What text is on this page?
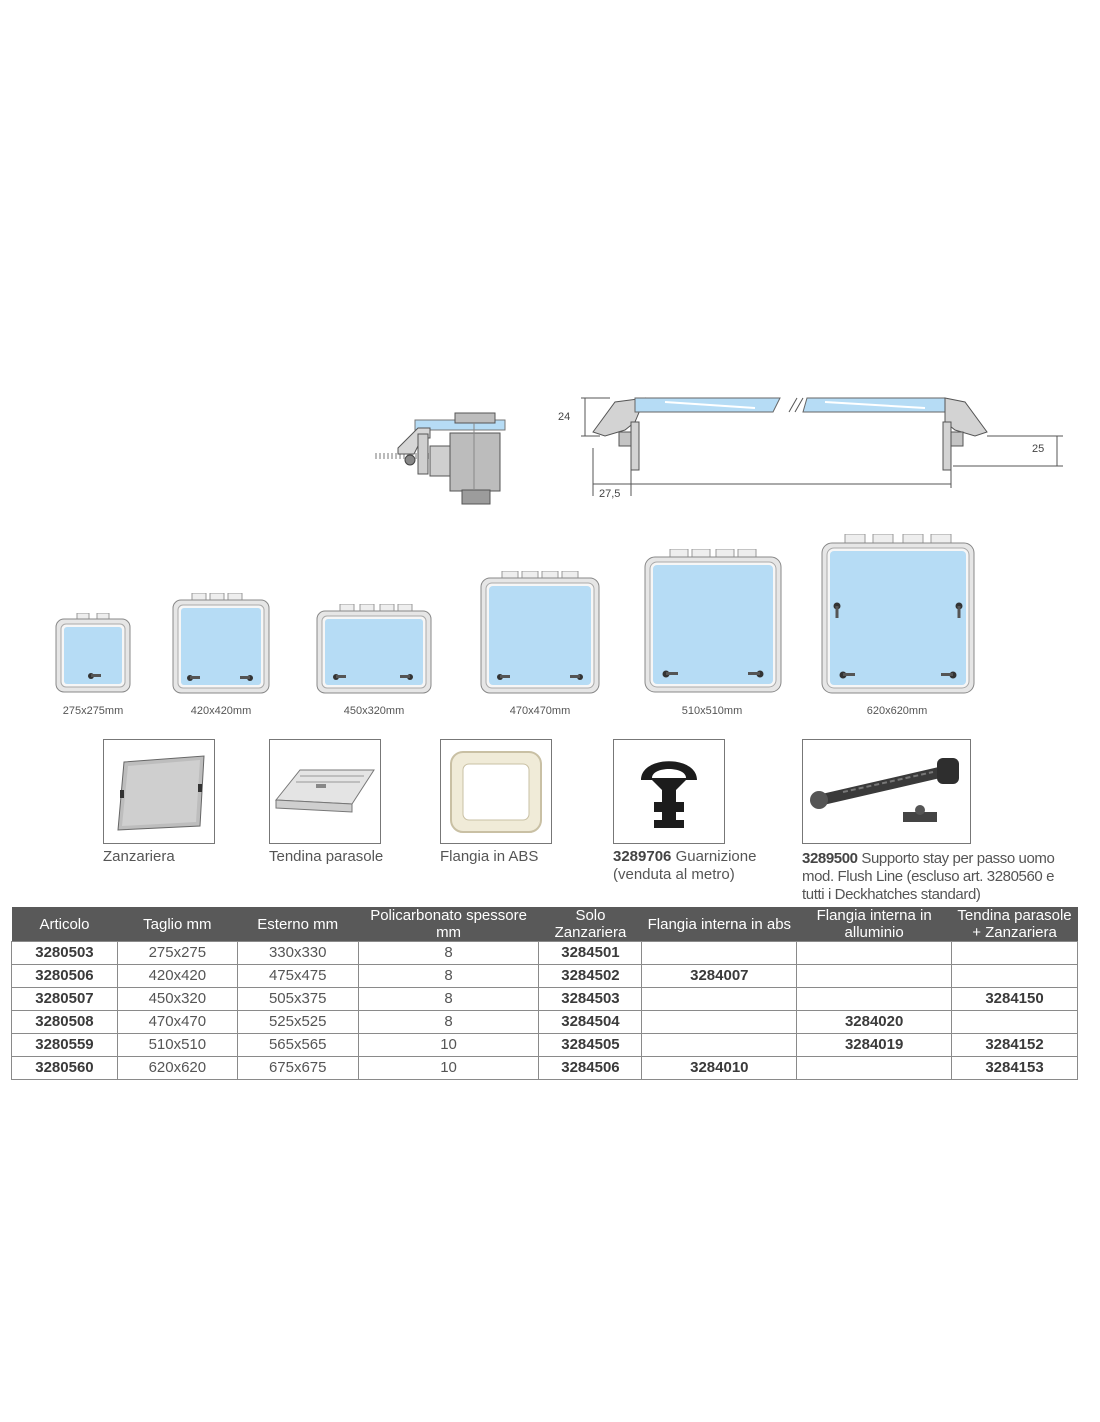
24
25
27,5
275x275mm	420x420mm	450x320mm	470x470mm	510x510mm	620x620mm
Zanzariera	Tendina parasole	Flangia in ABS	3289706 Guarnizione
(venduta al metro)
3289500 Supporto stay per passo uomo
mod. Flush Line (escluso art. 3280560 e
tutti i Deckhatches standard)
Articolo	Taglio mm	Esterno mm	Policarbonato spessore mm	Solo Zanzariera	Flangia interna in abs	Flangia interna in alluminio	Tendina parasole + Zanzariera
3280503	275x275	330x330	8	3284501			
3280506	420x420	475x475	8	3284502	3284007		
3280507	450x320	505x375	8	3284503			3284150
3280508	470x470	525x525	8	3284504		3284020	
3280559	510x510	565x565	10	3284505		3284019	3284152
3280560	620x620	675x675	10	3284506	3284010		3284153
